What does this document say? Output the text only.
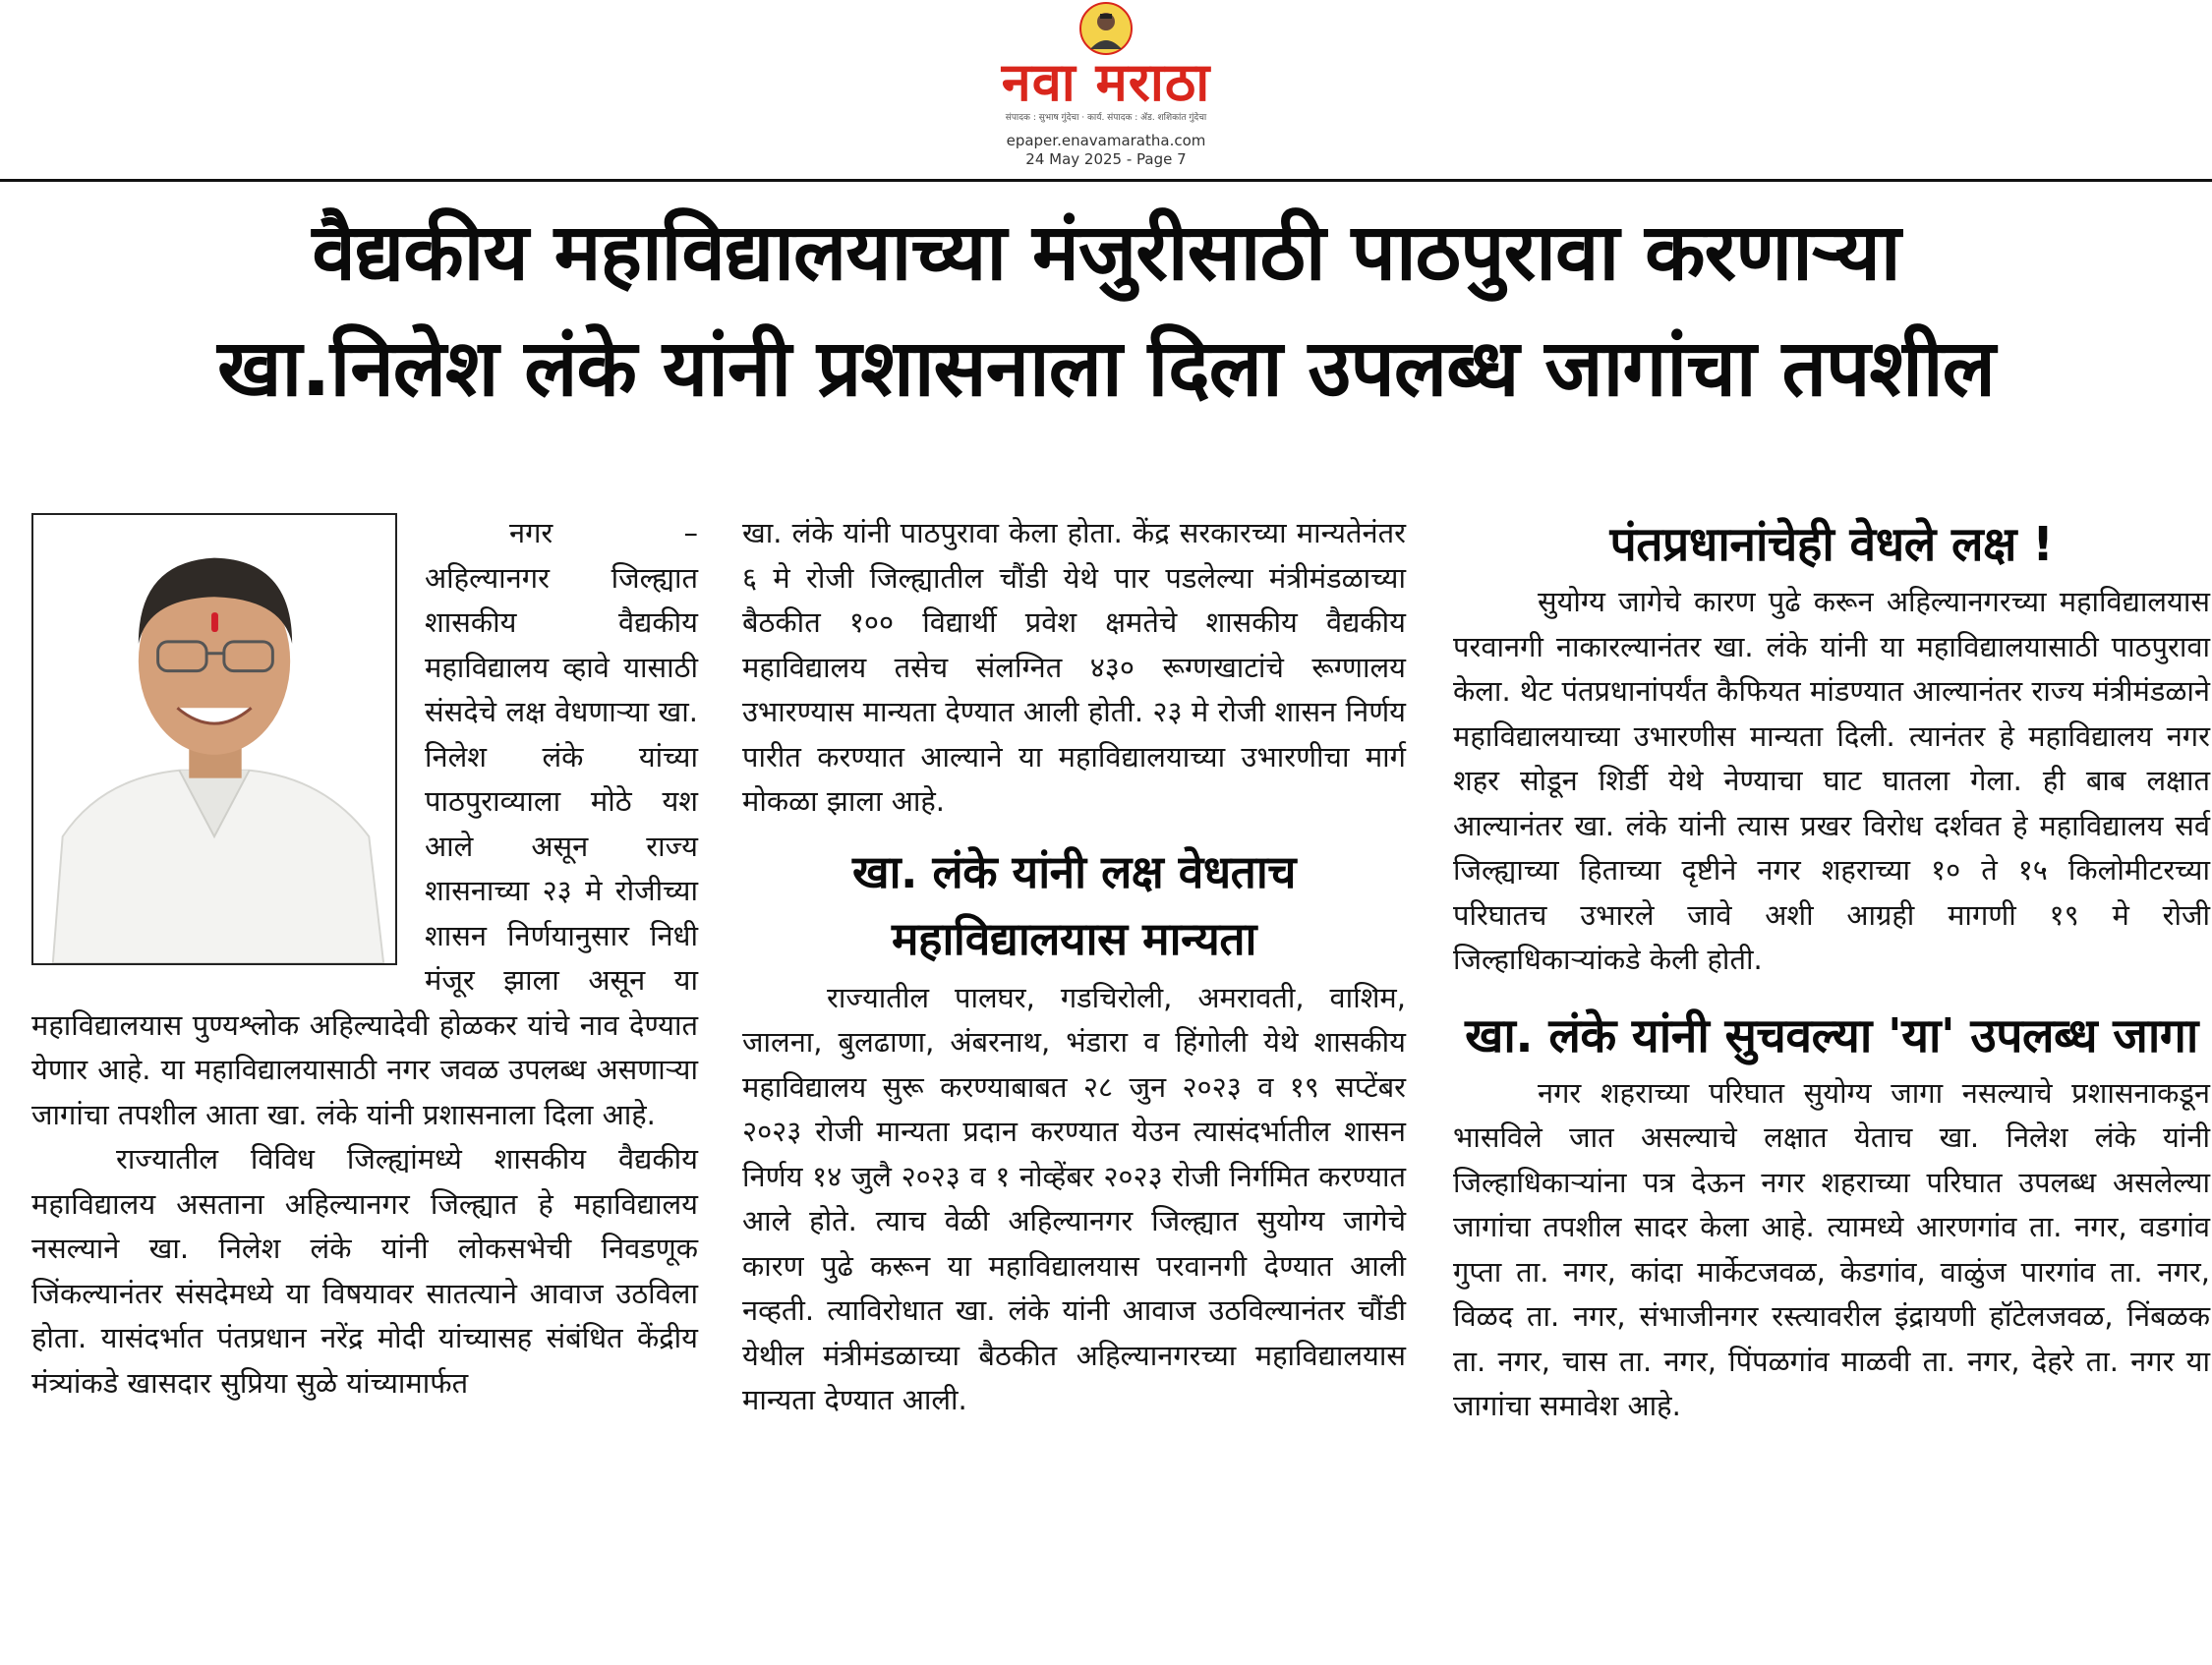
नवा मराठा
संपादक : सुभाष गुंदेचा · कार्य. संपादक : ॲड. शशिकांत गुंदेचा
epaper.enavamaratha.com
24 May 2025 - Page 7
वैद्यकीय महाविद्यालयाच्या मंजुरीसाठी पाठपुरावा करणाऱ्या
खा.निलेश लंके यांनी प्रशासनाला दिला उपलब्ध जागांचा तपशील

नगर – अहिल्यानगर जिल्ह्यात शासकीय वैद्यकीय महाविद्यालय व्हावे यासाठी संसदेचे लक्ष वेधणाऱ्या खा. निलेश लंके यांच्या पाठपुराव्याला मोठे यश आले असून राज्य शासनाच्या २३ मे रोजीच्या शासन निर्णयानुसार निधी मंजूर झाला असून या महाविद्यालयास पुण्यश्लोक अहिल्यादेवी होळकर यांचे नाव देण्यात येणार आहे. या महाविद्यालयासाठी नगर जवळ उपलब्ध असणाऱ्या जागांचा तपशील आता खा. लंके यांनी प्रशासनाला दिला आहे.

राज्यातील विविध जिल्ह्यांमध्ये शासकीय वैद्यकीय महाविद्यालय असताना अहिल्यानगर जिल्ह्यात हे महाविद्यालय नसल्याने खा. निलेश लंके यांनी लोकसभेची निवडणूक जिंकल्यानंतर संसदेमध्ये या विषयावर सातत्याने आवाज उठविला होता. यासंदर्भात पंतप्रधान नरेंद्र मोदी यांच्यासह संबंधित केंद्रीय मंत्र्यांकडे खासदार सुप्रिया सुळे यांच्यामार्फत

खा. लंके यांनी पाठपुरावा केला होता. केंद्र सरकारच्या मान्यतेनंतर ६ मे रोजी जिल्ह्यातील चौंडी येथे पार पडलेल्या मंत्रीमंडळाच्या बैठकीत १०० विद्यार्थी प्रवेश क्षमतेचे शासकीय वैद्यकीय महाविद्यालय तसेच संलग्नित ४३० रूग्णखाटांचे रूग्णालय उभारण्यास मान्यता देण्यात आली होती. २३ मे रोजी शासन निर्णय पारीत करण्यात आल्याने या महाविद्यालयाच्या उभारणीचा मार्ग मोकळा झाला आहे.

खा. लंके यांनी लक्ष वेधताच
महाविद्यालयास मान्यता

राज्यातील पालघर, गडचिरोली, अमरावती, वाशिम, जालना, बुलढाणा, अंबरनाथ, भंडारा व हिंगोली येथे शासकीय महाविद्यालय सुरू करण्याबाबत २८ जुन २०२३ व १९ सप्टेंबर २०२३ रोजी मान्यता प्रदान करण्यात येउन त्यासंदर्भातील शासन निर्णय १४ जुलै २०२३ व १ नोव्हेंबर २०२३ रोजी निर्गमित करण्यात आले होते. त्याच वेळी अहिल्यानगर जिल्ह्यात सुयोग्य जागेचे कारण पुढे करून या महाविद्यालयास परवानगी देण्यात आली नव्हती. त्याविरोधात खा. लंके यांनी आवाज उठविल्यानंतर चौंडी येथील मंत्रीमंडळाच्या बैठकीत अहिल्यानगरच्या महाविद्यालयास मान्यता देण्यात आली.

पंतप्रधानांचेही वेधले लक्ष !

सुयोग्य जागेचे कारण पुढे करून अहिल्यानगरच्या महाविद्यालयास परवानगी नाकारल्यानंतर खा. लंके यांनी या महाविद्यालयासाठी पाठपुरावा केला. थेट पंतप्रधानांपर्यंत कैफियत मांडण्यात आल्यानंतर राज्य मंत्रीमंडळाने महाविद्यालयाच्या उभारणीस मान्यता दिली. त्यानंतर हे महाविद्यालय नगर शहर सोडून शिर्डी येथे नेण्याचा घाट घातला गेला. ही बाब लक्षात आल्यानंतर खा. लंके यांनी त्यास प्रखर विरोध दर्शवत हे महाविद्यालय सर्व जिल्ह्याच्या हिताच्या दृष्टीने नगर शहराच्या १० ते १५ किलोमीटरच्या परिघातच उभारले जावे अशी आग्रही मागणी १९ मे रोजी जिल्हाधिकाऱ्यांकडे केली होती.

खा. लंके यांनी सुचवल्या 'या' उपलब्ध जागा

नगर शहराच्या परिघात सुयोग्य जागा नसल्याचे प्रशासनाकडून भासविले जात असल्याचे लक्षात येताच खा. निलेश लंके यांनी जिल्हाधिकाऱ्यांना पत्र देऊन नगर शहराच्या परिघात उपलब्ध असलेल्या जागांचा तपशील सादर केला आहे. त्यामध्ये आरणगांव ता. नगर, वडगांव गुप्ता ता. नगर, कांदा मार्केटजवळ, केडगांव, वाळुंज पारगांव ता. नगर, विळद ता. नगर, संभाजीनगर रस्त्यावरील इंद्रायणी हॉटेलजवळ, निंबळक ता. नगर, चास ता. नगर, पिंपळगांव माळवी ता. नगर, देहरे ता. नगर या जागांचा समावेश आहे.
